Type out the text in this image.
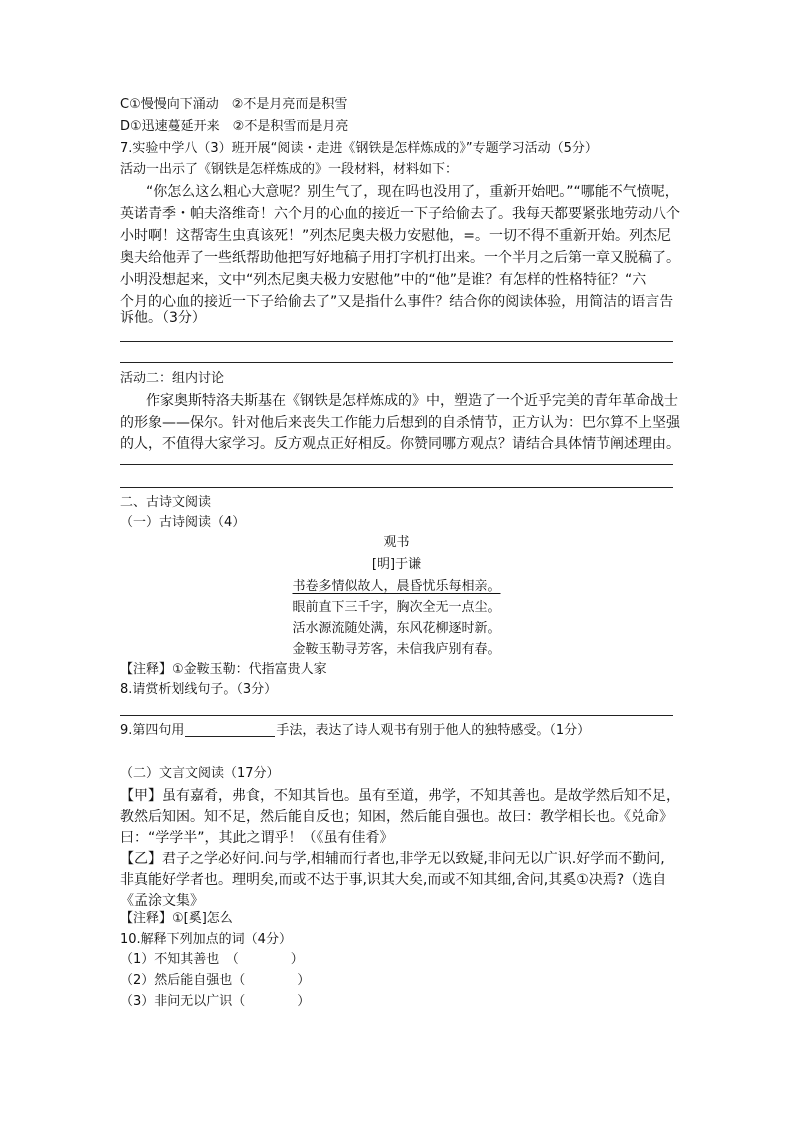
C①慢慢向下涌动　②不是月亮而是积雪
D①迅速蔓延开来　②不是积雪而是月亮
7.实验中学八（3）班开展“阅读・走进《钢铁是怎样炼成的》”专题学习活动（5分）
活动一出示了《钢铁是怎样炼成的》一段材料，材料如下：
“你怎么这么粗心大意呢？别生气了，现在吗也没用了，重新开始吧。”“哪能不气愤呢，
英诺青季・帕夫洛维奇！六个月的心血的接近一下子给偷去了。我每天都要紧张地劳动八个
小时啊！这帮寄生虫真该死！”列杰尼奥夫极力安慰他，=。一切不得不重新开始。列杰尼
奥夫给他弄了一些纸帮助他把写好地稿子用打字机打出来。一个半月之后第一章又脱稿了。
小明没想起来，文中“列杰尼奥夫极力安慰他”中的“他”是谁？有怎样的性格特征？“六
个月的心血的接近一下子给偷去了”又是指什么事件？结合你的阅读体验，用简洁的语言告
诉他。（3分）
活动二：组内讨论
作家奥斯特洛夫斯基在《钢铁是怎样炼成的》中，塑造了一个近乎完美的青年革命战士
的形象——保尔。针对他后来丧失工作能力后想到的自杀情节，正方认为：巴尔算不上坚强
的人，不值得大家学习。反方观点正好相反。你赞同哪方观点？请结合具体情节阐述理由。
二、古诗文阅读
（一）古诗阅读（4）
观书
[明]于谦
书卷多情似故人，晨昏忧乐每相亲。
眼前直下三千字，胸次全无一点尘。
活水源流随处满，东风花柳逐时新。
金鞍玉勒寻芳客，未信我庐别有春。
【注释】①金鞍玉勒：代指富贵人家
8.请赏析划线句子。（3分）
9.第四句用	手法，表达了诗人观书有别于他人的独特感受。（1分）
（二）文言文阅读（17分）
【甲】虽有嘉肴，弗食，不知其旨也。虽有至道，弗学，不知其善也。是故学然后知不足，
教然后知困。知不足，然后能自反也；知困，然后能自强也。故曰：教学相长也。《兑命》
曰：“学学半”，其此之谓乎！（《虽有佳肴》
【乙】君子之学必好问.问与学,相辅而行者也,非学无以致疑,非问无以广识.好学而不勤问,
非真能好学者也。理明矣,而或不达于事,识其大矣,而或不知其细,舍问,其奚①决焉?（选自
《孟涂文集》
【注释】①[奚]怎么
10.解释下列加点的词（4分）
（1）不知其善也　（　　　　）
（2）然后能自强也（　　　　）
（3）非问无以广识（　　　　）
